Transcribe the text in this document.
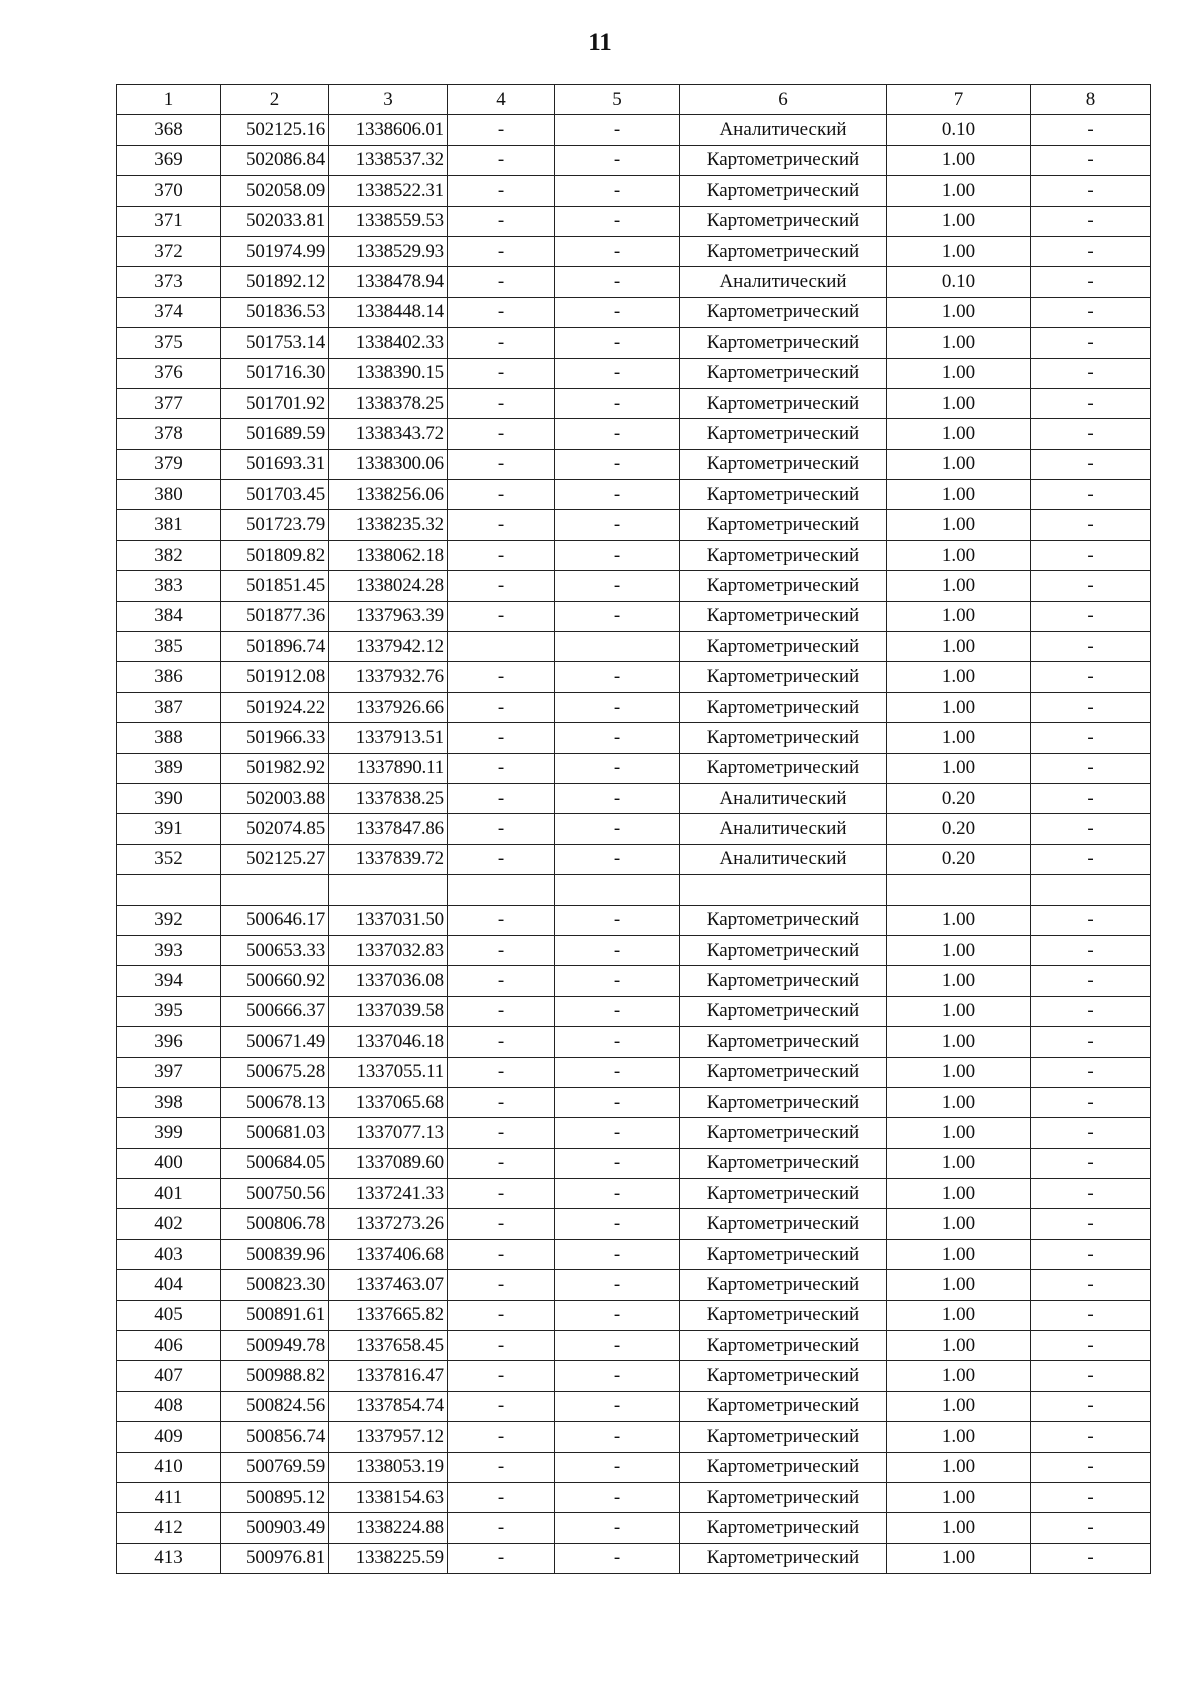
11
1	2	3	4	5	6	7	8
368	502125.16	1338606.01	-	-	Аналитический	0.10	-
369	502086.84	1338537.32	-	-	Картометрический	1.00	-
370	502058.09	1338522.31	-	-	Картометрический	1.00	-
371	502033.81	1338559.53	-	-	Картометрический	1.00	-
372	501974.99	1338529.93	-	-	Картометрический	1.00	-
373	501892.12	1338478.94	-	-	Аналитический	0.10	-
374	501836.53	1338448.14	-	-	Картометрический	1.00	-
375	501753.14	1338402.33	-	-	Картометрический	1.00	-
376	501716.30	1338390.15	-	-	Картометрический	1.00	-
377	501701.92	1338378.25	-	-	Картометрический	1.00	-
378	501689.59	1338343.72	-	-	Картометрический	1.00	-
379	501693.31	1338300.06	-	-	Картометрический	1.00	-
380	501703.45	1338256.06	-	-	Картометрический	1.00	-
381	501723.79	1338235.32	-	-	Картометрический	1.00	-
382	501809.82	1338062.18	-	-	Картометрический	1.00	-
383	501851.45	1338024.28	-	-	Картометрический	1.00	-
384	501877.36	1337963.39	-	-	Картометрический	1.00	-
385	501896.74	1337942.12			Картометрический	1.00	-
386	501912.08	1337932.76	-	-	Картометрический	1.00	-
387	501924.22	1337926.66	-	-	Картометрический	1.00	-
388	501966.33	1337913.51	-	-	Картометрический	1.00	-
389	501982.92	1337890.11	-	-	Картометрический	1.00	-
390	502003.88	1337838.25	-	-	Аналитический	0.20	-
391	502074.85	1337847.86	-	-	Аналитический	0.20	-
352	502125.27	1337839.72	-	-	Аналитический	0.20	-

392	500646.17	1337031.50	-	-	Картометрический	1.00	-
393	500653.33	1337032.83	-	-	Картометрический	1.00	-
394	500660.92	1337036.08	-	-	Картометрический	1.00	-
395	500666.37	1337039.58	-	-	Картометрический	1.00	-
396	500671.49	1337046.18	-	-	Картометрический	1.00	-
397	500675.28	1337055.11	-	-	Картометрический	1.00	-
398	500678.13	1337065.68	-	-	Картометрический	1.00	-
399	500681.03	1337077.13	-	-	Картометрический	1.00	-
400	500684.05	1337089.60	-	-	Картометрический	1.00	-
401	500750.56	1337241.33	-	-	Картометрический	1.00	-
402	500806.78	1337273.26	-	-	Картометрический	1.00	-
403	500839.96	1337406.68	-	-	Картометрический	1.00	-
404	500823.30	1337463.07	-	-	Картометрический	1.00	-
405	500891.61	1337665.82	-	-	Картометрический	1.00	-
406	500949.78	1337658.45	-	-	Картометрический	1.00	-
407	500988.82	1337816.47	-	-	Картометрический	1.00	-
408	500824.56	1337854.74	-	-	Картометрический	1.00	-
409	500856.74	1337957.12	-	-	Картометрический	1.00	-
410	500769.59	1338053.19	-	-	Картометрический	1.00	-
411	500895.12	1338154.63	-	-	Картометрический	1.00	-
412	500903.49	1338224.88	-	-	Картометрический	1.00	-
413	500976.81	1338225.59	-	-	Картометрический	1.00	-
